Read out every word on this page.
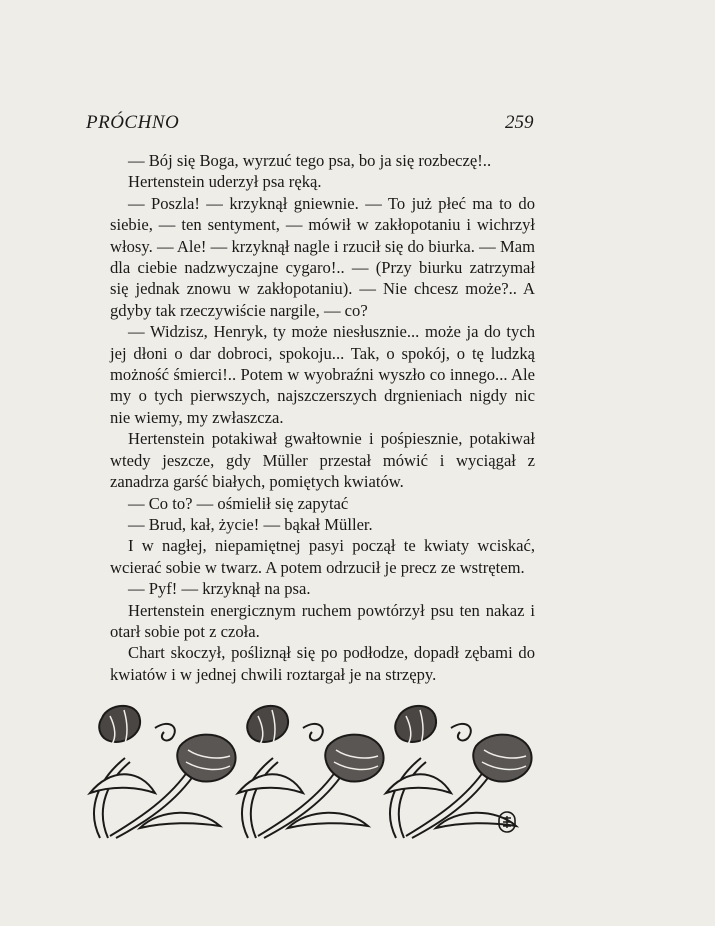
PRÓCHNO	259

— Bój się Boga, wyrzuć tego psa, bo ja się rozbeczę!..

Hertenstein uderzył psa ręką.

— Poszla! — krzyknął gniewnie. — To już płeć ma to do siebie, — ten sentyment, — mówił w zakłopotaniu i wichrzył włosy. — Ale! — krzyknął nagle i rzucił się do biurka. — Mam dla ciebie nadzwyczajne cygaro!.. — (Przy biurku zatrzymał się jednak znowu w zakłopotaniu). — Nie chcesz może?.. A gdyby tak rzeczywiście nargile, — co?

— Widzisz, Henryk, ty może niesłusznie... może ja do tych jej dłoni o dar dobroci, spokoju... Tak, o spokój, o tę ludzką możność śmierci!.. Potem w wyobraźni wyszło co innego... Ale my o tych pierwszych, najszczerszych drgnieniach nigdy nic nie wiemy, my zwłaszcza.

Hertenstein potakiwał gwałtownie i pośpiesznie, potakiwał wtedy jeszcze, gdy Müller przestał mówić i wyciągał z zanadrza garść białych, pomiętych kwiatów.

— Co to? — ośmielił się zapytać

— Brud, kał, życie! — bąkał Müller.

I w nagłej, niepamiętnej pasyi począł te kwiaty wciskać, wcierać sobie w twarz. A potem odrzucił je precz ze wstrętem.

— Pyf! — krzyknął na psa.

Hertenstein energicznym ruchem powtórzył psu ten nakaz i otarł sobie pot z czoła.

Chart skoczył, pośliznął się po podłodze, dopadł zębami do kwiatów i w jednej chwili roztargał je na strzępy.
